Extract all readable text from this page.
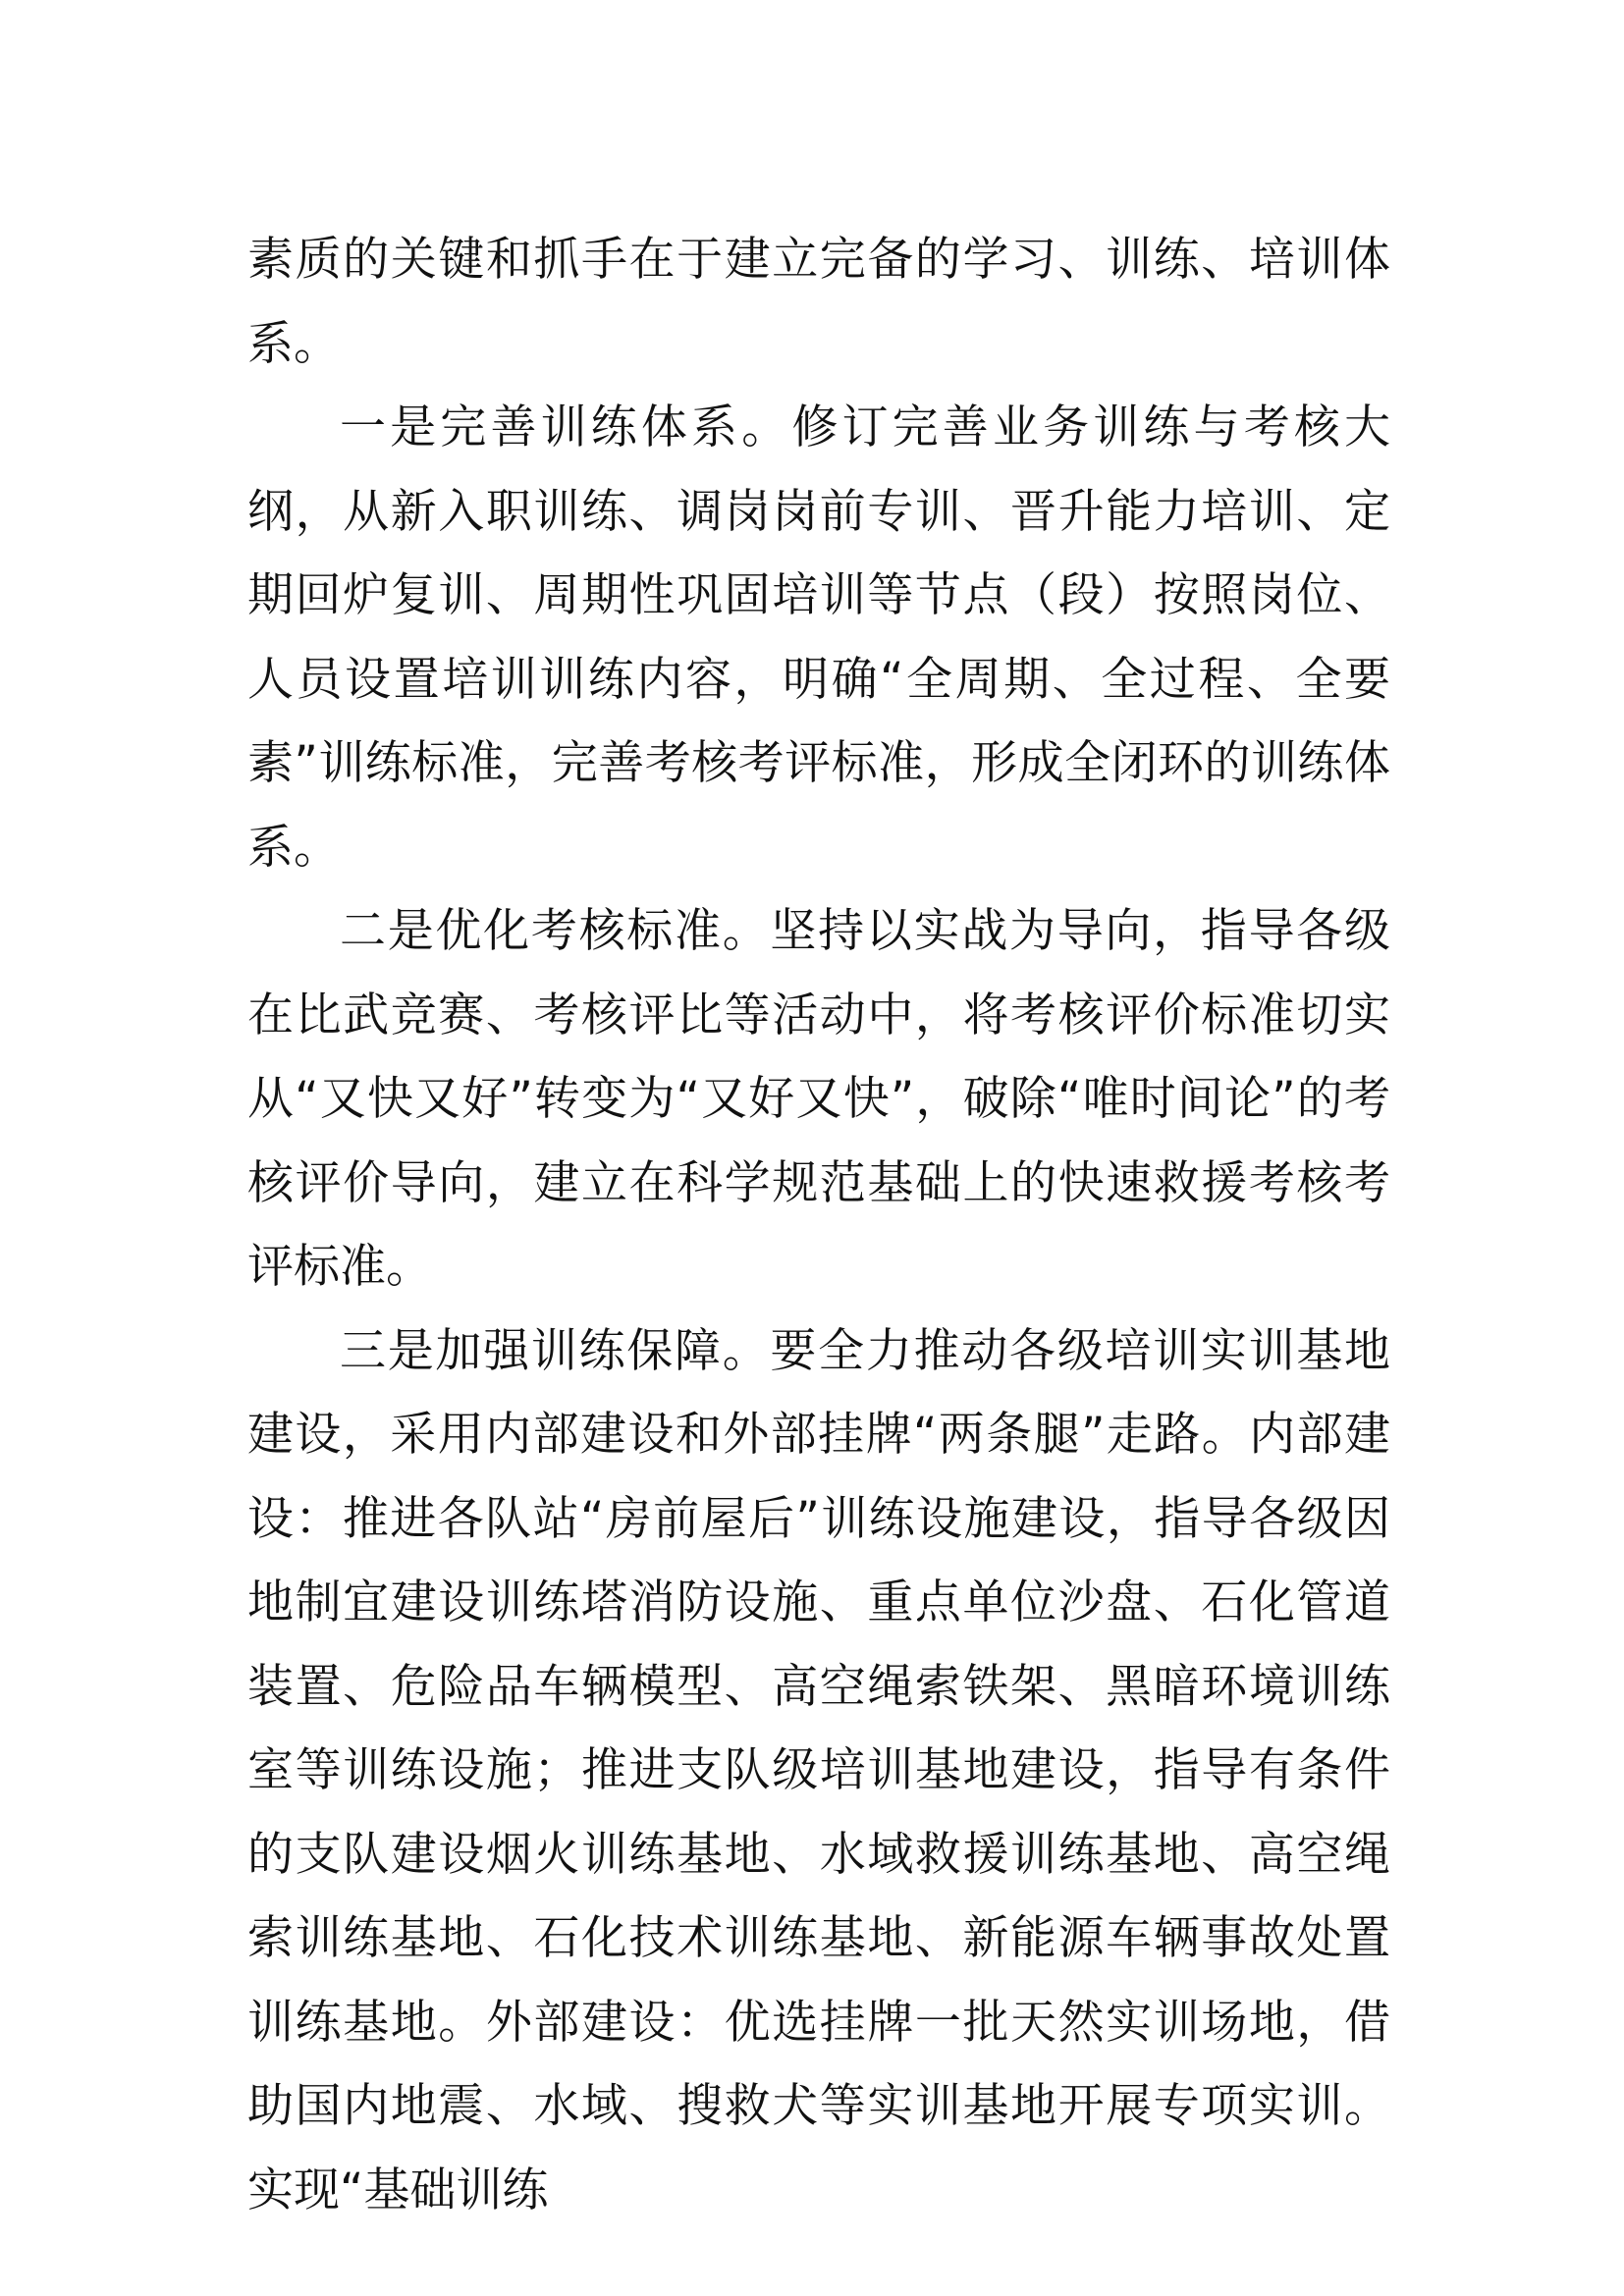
素质的关键和抓手在于建立完备的学习、训练、培训体系。

一是完善训练体系。修订完善业务训练与考核大纲，从新入职训练、调岗岗前专训、晋升能力培训、定期回炉复训、周期性巩固培训等节点（段）按照岗位、人员设置培训训练内容，明确“全周期、全过程、全要素”训练标准，完善考核考评标准，形成全闭环的训练体系。

二是优化考核标准。坚持以实战为导向，指导各级在比武竞赛、考核评比等活动中，将考核评价标准切实从“又快又好”转变为“又好又快”，破除“唯时间论”的考核评价导向，建立在科学规范基础上的快速救援考核考评标准。

三是加强训练保障。要全力推动各级培训实训基地建设，采用内部建设和外部挂牌“两条腿”走路。内部建设：推进各队站“房前屋后”训练设施建设，指导各级因地制宜建设训练塔消防设施、重点单位沙盘、石化管道装置、危险品车辆模型、高空绳索铁架、黑暗环境训练室等训练设施；推进支队级培训基地建设，指导有条件的支队建设烟火训练基地、水域救援训练基地、高空绳索训练基地、石化技术训练基地、新能源车辆事故处置训练基地。外部建设：优选挂牌一批天然实训场地，借助国内地震、水域、搜救犬等实训基地开展专项实训。实现“基础训练
